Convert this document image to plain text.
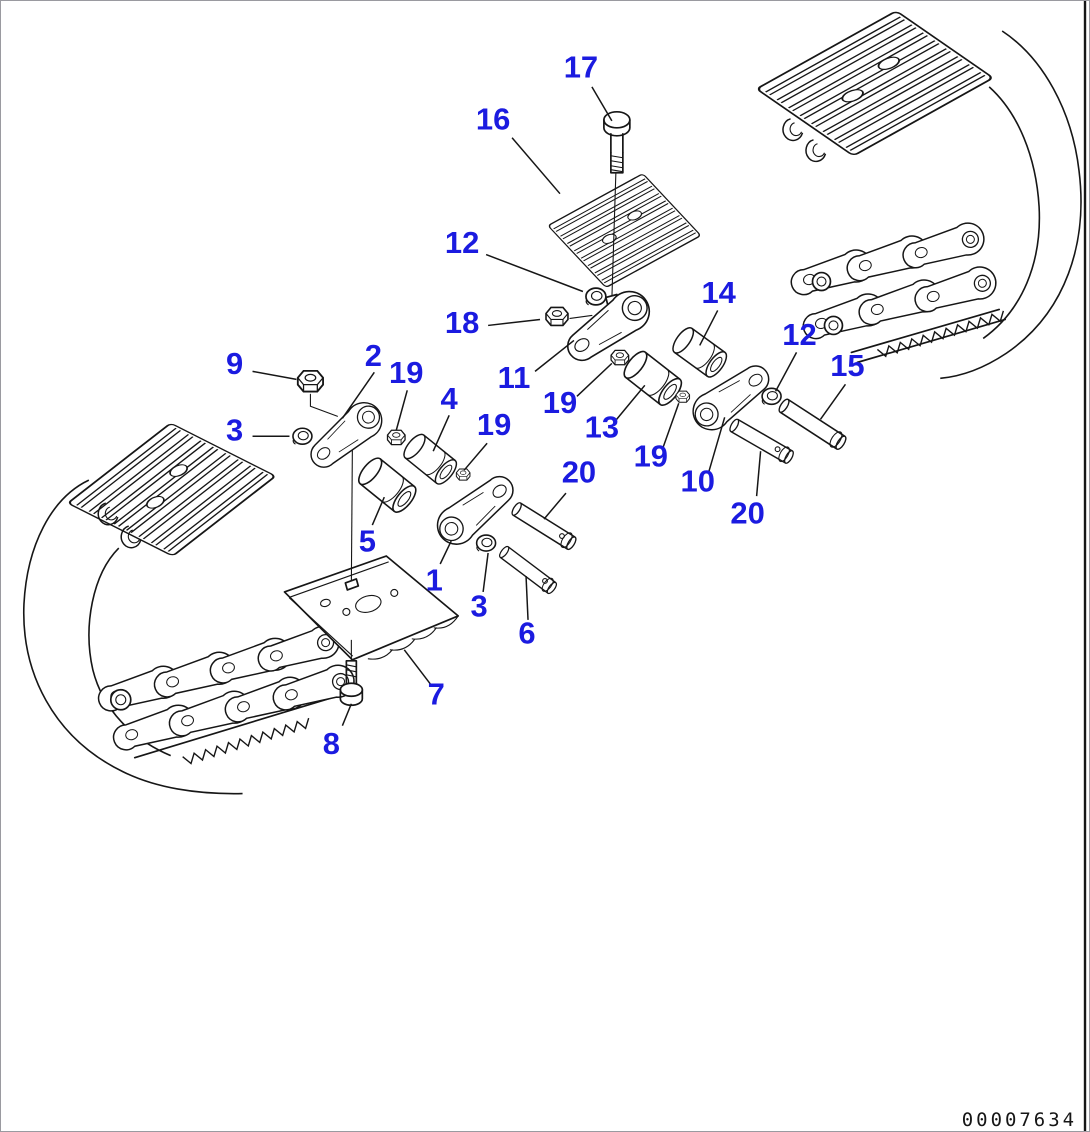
17
16
12
18
14
12
15
9	2 19
3
4
19
11
19
13
19
10
20
20
5
1
3
6
7
8
00007634
